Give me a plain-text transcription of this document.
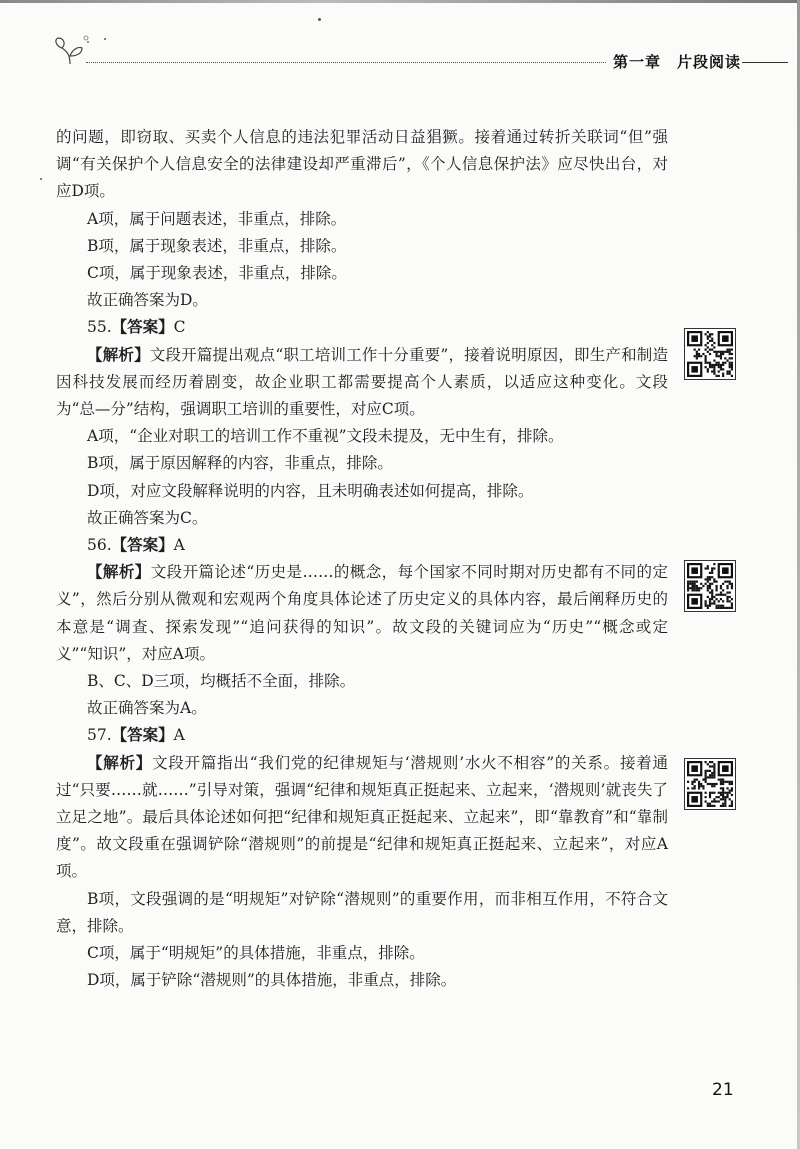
第一章　片段阅读

的问题，即窃取、买卖个人信息的违法犯罪活动日益猖獗。接着通过转折关联词“但”强调“有关保护个人信息安全的法律建设却严重滞后”，《个人信息保护法》应尽快出台，对应D项。

A项，属于问题表述，非重点，排除。

B项，属于现象表述，非重点，排除。

C项，属于现象表述，非重点，排除。

故正确答案为D。

55.【答案】C

【解析】文段开篇提出观点“职工培训工作十分重要”，接着说明原因，即生产和制造因科技发展而经历着剧变，故企业职工都需要提高个人素质，以适应这种变化。文段为“总—分”结构，强调职工培训的重要性，对应C项。

A项，“企业对职工的培训工作不重视”文段未提及，无中生有，排除。

B项，属于原因解释的内容，非重点，排除。

D项，对应文段解释说明的内容，且未明确表述如何提高，排除。

故正确答案为C。

56.【答案】A

【解析】文段开篇论述“历史是……的概念，每个国家不同时期对历史都有不同的定义”，然后分别从微观和宏观两个角度具体论述了历史定义的具体内容，最后阐释历史的本意是“调查、探索发现”“追问获得的知识”。故文段的关键词应为“历史”“概念或定义”“知识”，对应A项。

B、C、D三项，均概括不全面，排除。

故正确答案为A。

57.【答案】A

【解析】文段开篇指出“我们党的纪律规矩与‘潜规则’水火不相容”的关系。接着通过“只要……就……”引导对策，强调“纪律和规矩真正挺起来、立起来，‘潜规则’就丧失了立足之地”。最后具体论述如何把“纪律和规矩真正挺起来、立起来”，即“靠教育”和“靠制度”。故文段重在强调铲除“潜规则”的前提是“纪律和规矩真正挺起来、立起来”，对应A项。

B项，文段强调的是“明规矩”对铲除“潜规则”的重要作用，而非相互作用，不符合文意，排除。

C项，属于“明规矩”的具体措施，非重点，排除。

D项，属于铲除“潜规则”的具体措施，非重点，排除。

21
